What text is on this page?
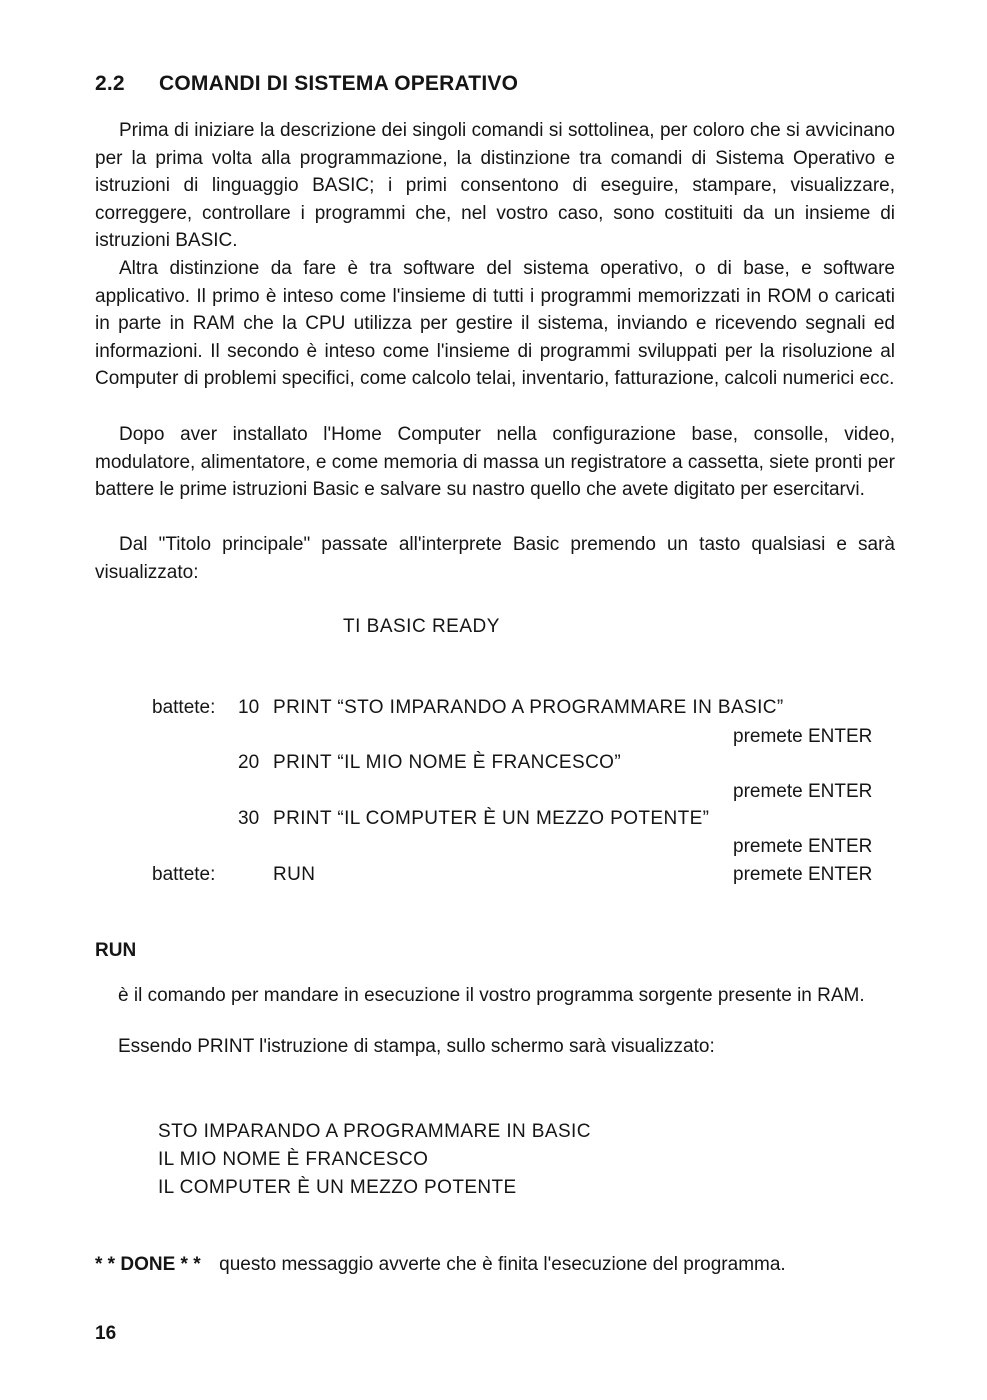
2.2 COMANDI DI SISTEMA OPERATIVO
Prima di iniziare la descrizione dei singoli comandi si sottolinea, per coloro che si avvicinano per la prima volta alla programmazione, la distinzione tra comandi di Sistema Operativo e istruzioni di linguaggio BASIC; i primi consentono di eseguire, stampare, visualizzare, correggere, controllare i programmi che, nel vostro caso, sono costituiti da un insieme di istruzioni BASIC.
Altra distinzione da fare è tra software del sistema operativo, o di base, e software applicativo. Il primo è inteso come l'insieme di tutti i programmi memorizzati in ROM o caricati in parte in RAM che la CPU utilizza per gestire il sistema, inviando e ricevendo segnali ed informazioni. Il secondo è inteso come l'insieme di programmi sviluppati per la risoluzione al Computer di problemi specifici, come calcolo telai, inventario, fatturazione, calcoli numerici ecc.
Dopo aver installato l'Home Computer nella configurazione base, consolle, video, modulatore, alimentatore, e come memoria di massa un registratore a cassetta, siete pronti per battere le prime istruzioni Basic e salvare su nastro quello che avete digitato per esercitarvi.
Dal "Titolo principale" passate all'interprete Basic premendo un tasto qualsiasi e sarà visualizzato:
TI BASIC READY
battete: 10 PRINT “STO IMPARANDO A PROGRAMMARE IN BASIC”
premete ENTER
20 PRINT “IL MIO NOME È FRANCESCO”
premete ENTER
30 PRINT “IL COMPUTER È UN MEZZO POTENTE”
premete ENTER
battete:	RUN	premete ENTER
RUN
è il comando per mandare in esecuzione il vostro programma sorgente presente in RAM.
Essendo PRINT l'istruzione di stampa, sullo schermo sarà visualizzato:
STO IMPARANDO A PROGRAMMARE IN BASIC
IL MIO NOME È FRANCESCO
IL COMPUTER È UN MEZZO POTENTE
* * DONE * * questo messaggio avverte che è finita l'esecuzione del programma.
16
